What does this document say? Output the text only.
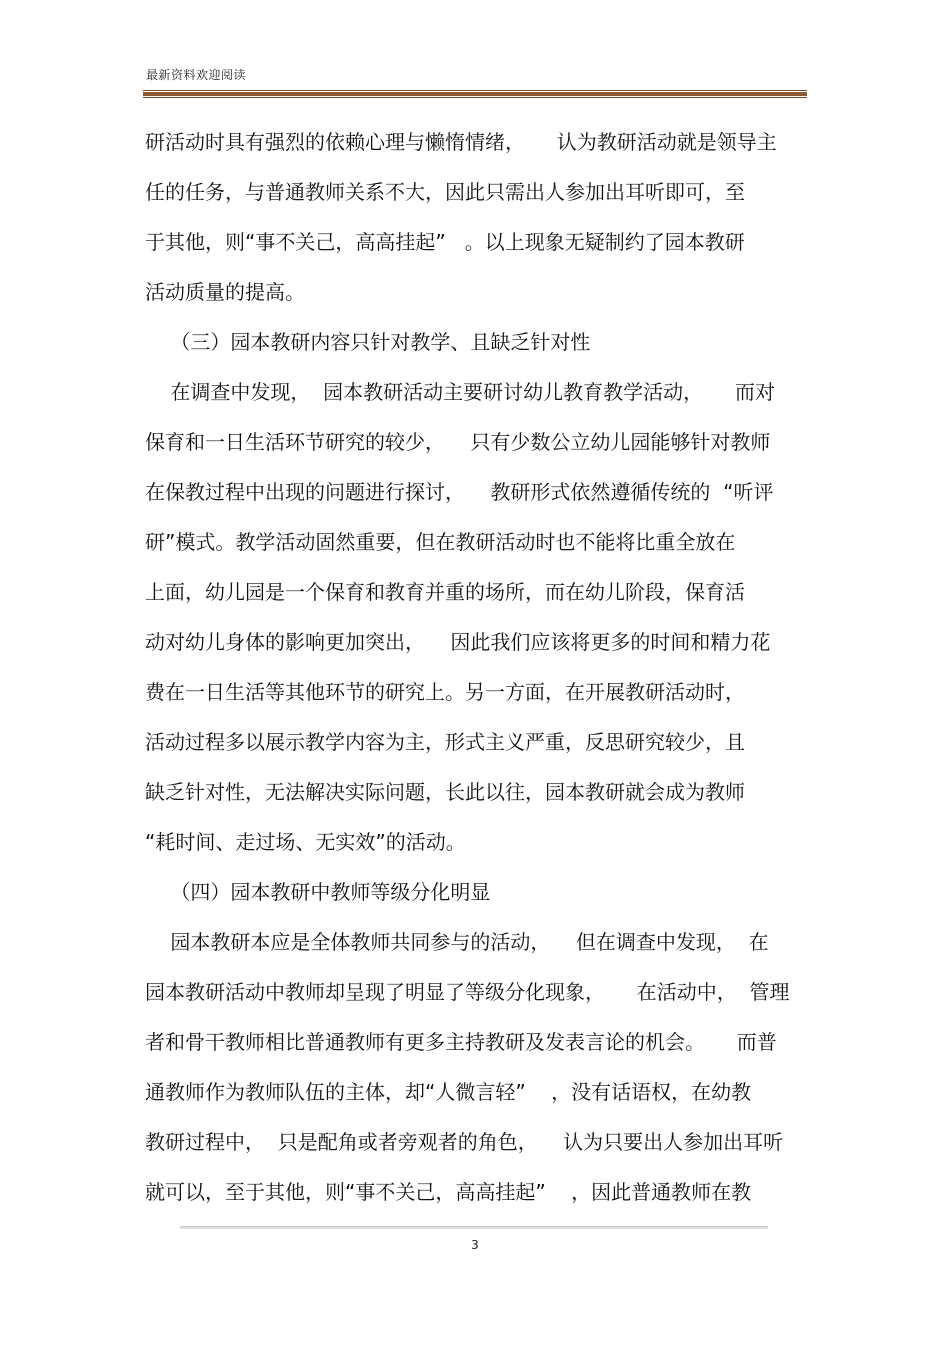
最新资料欢迎阅读
研活动时具有强烈的依赖心理与懒惰情绪，     认为教研活动就是领导主
任的任务，与普通教师关系不大，因此只需出人参加出耳听即可，至
于其他，则“事不关己，高高挂起”   。以上现象无疑制约了园本教研
活动质量的提高。
（三）园本教研内容只针对教学、且缺乏针对性
在调查中发现，  园本教研活动主要研讨幼儿教育教学活动，     而对
保育和一日生活环节研究的较少，    只有少数公立幼儿园能够针对教师
在保教过程中出现的问题进行探讨，    教研形式依然遵循传统的  “听评
研”模式。教学活动固然重要，但在教研活动时也不能将比重全放在
上面，幼儿园是一个保育和教育并重的场所，而在幼儿阶段，保育活
动对幼儿身体的影响更加突出，    因此我们应该将更多的时间和精力花
费在一日生活等其他环节的研究上。另一方面，在开展教研活动时，
活动过程多以展示教学内容为主，形式主义严重，反思研究较少，且
缺乏针对性，无法解决实际问题，长此以往，园本教研就会成为教师
“耗时间、走过场、无实效”的活动。
（四）园本教研中教师等级分化明显
园本教研本应是全体教师共同参与的活动，    但在调查中发现，  在
园本教研活动中教师却呈现了明显了等级分化现象，     在活动中，  管理
者和骨干教师相比普通教师有更多主持教研及发表言论的机会。     而普
通教师作为教师队伍的主体，却“人微言轻”    ，没有话语权，在幼教
教研过程中，  只是配角或者旁观者的角色，    认为只要出人参加出耳听
就可以，至于其他，则“事不关己，高高挂起”    ，因此普通教师在教
3
